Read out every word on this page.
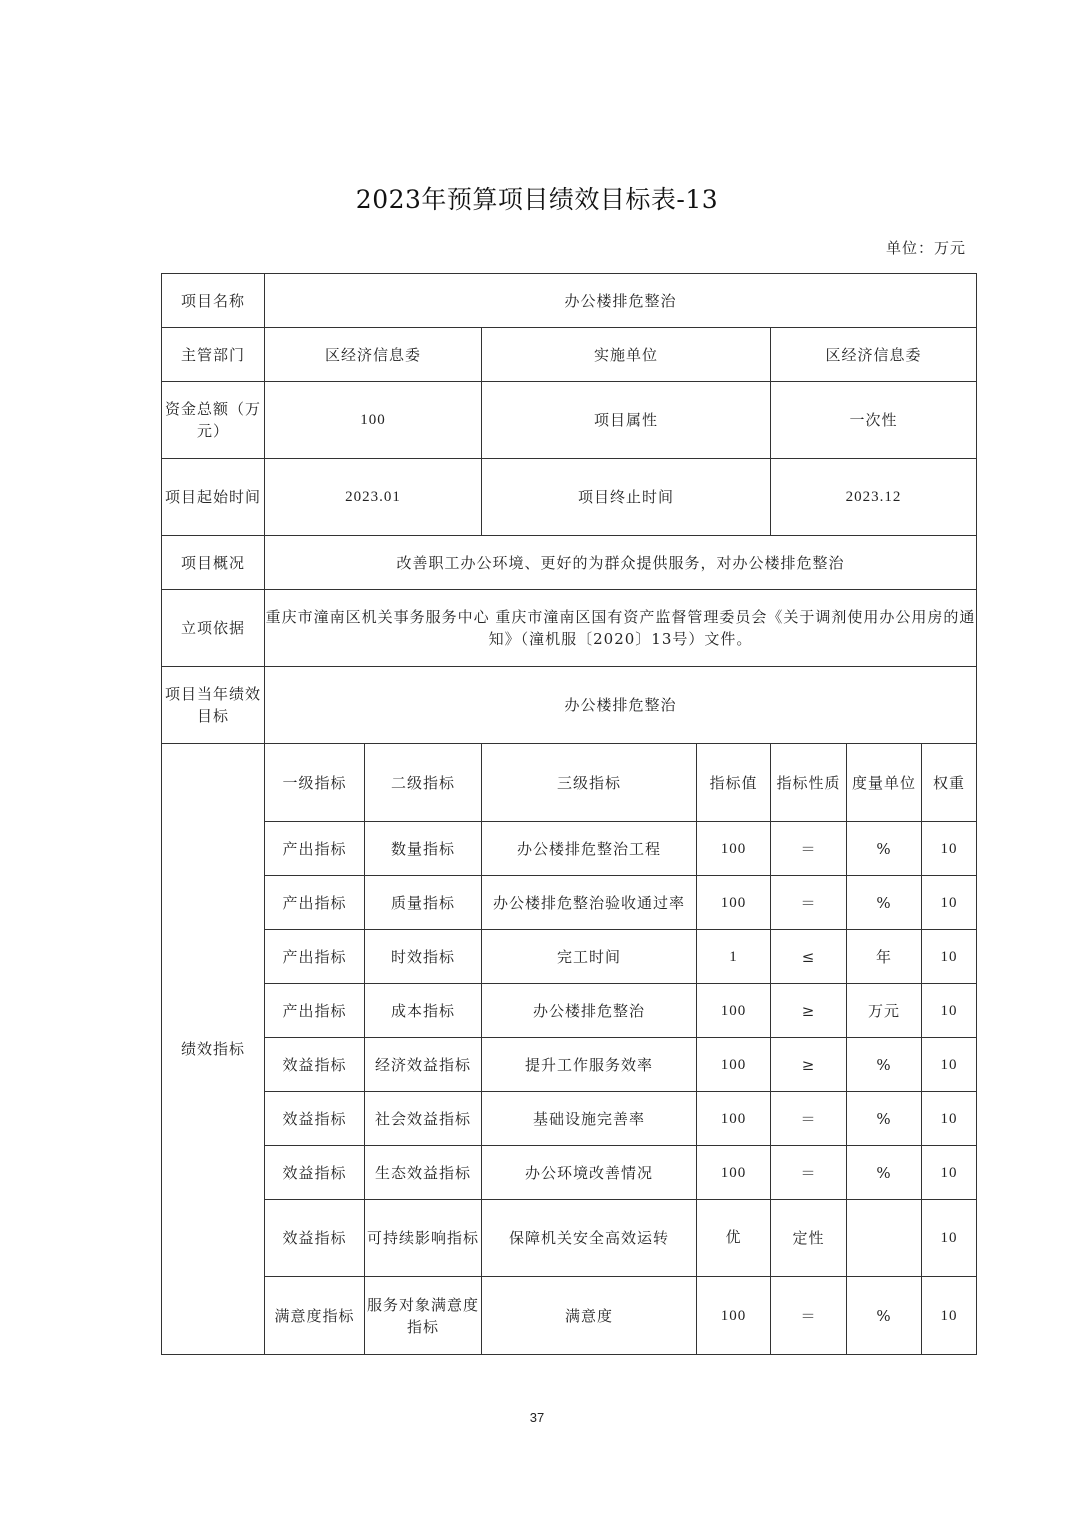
2023年预算项目绩效目标表-13
单位：万元
项目名称	办公楼排危整治						
主管部门	区经济信息委		实施单位		区经济信息委		
资金总额（万元）	100		项目属性		一次性		
项目起始时间	2023.01		项目终止时间		2023.12		
项目概况	改善职工办公环境、更好的为群众提供服务，对办公楼排危整治						
立项依据	重庆市潼南区机关事务服务中心 重庆市潼南区国有资产监督管理委员会《关于调剂使用办公用房的通知》（潼机服〔2020〕13号）文件。						
项目当年绩效目标	办公楼排危整治						
绩效指标	一级指标	二级指标	三级指标	指标值	指标性质	度量单位	权重
	产出指标	数量指标	办公楼排危整治工程	100	＝	%	10
	产出指标	质量指标	办公楼排危整治验收通过率	100	＝	%	10
	产出指标	时效指标	完工时间	1	≤	年	10
	产出指标	成本指标	办公楼排危整治	100	≥	万元	10
	效益指标	经济效益指标	提升工作服务效率	100	≥	%	10
	效益指标	社会效益指标	基础设施完善率	100	＝	%	10
	效益指标	生态效益指标	办公环境改善情况	100	＝	%	10
	效益指标	可持续影响指标	保障机关安全高效运转	优	定性		10
	满意度指标	服务对象满意度指标	满意度	100	＝	%	10
37
